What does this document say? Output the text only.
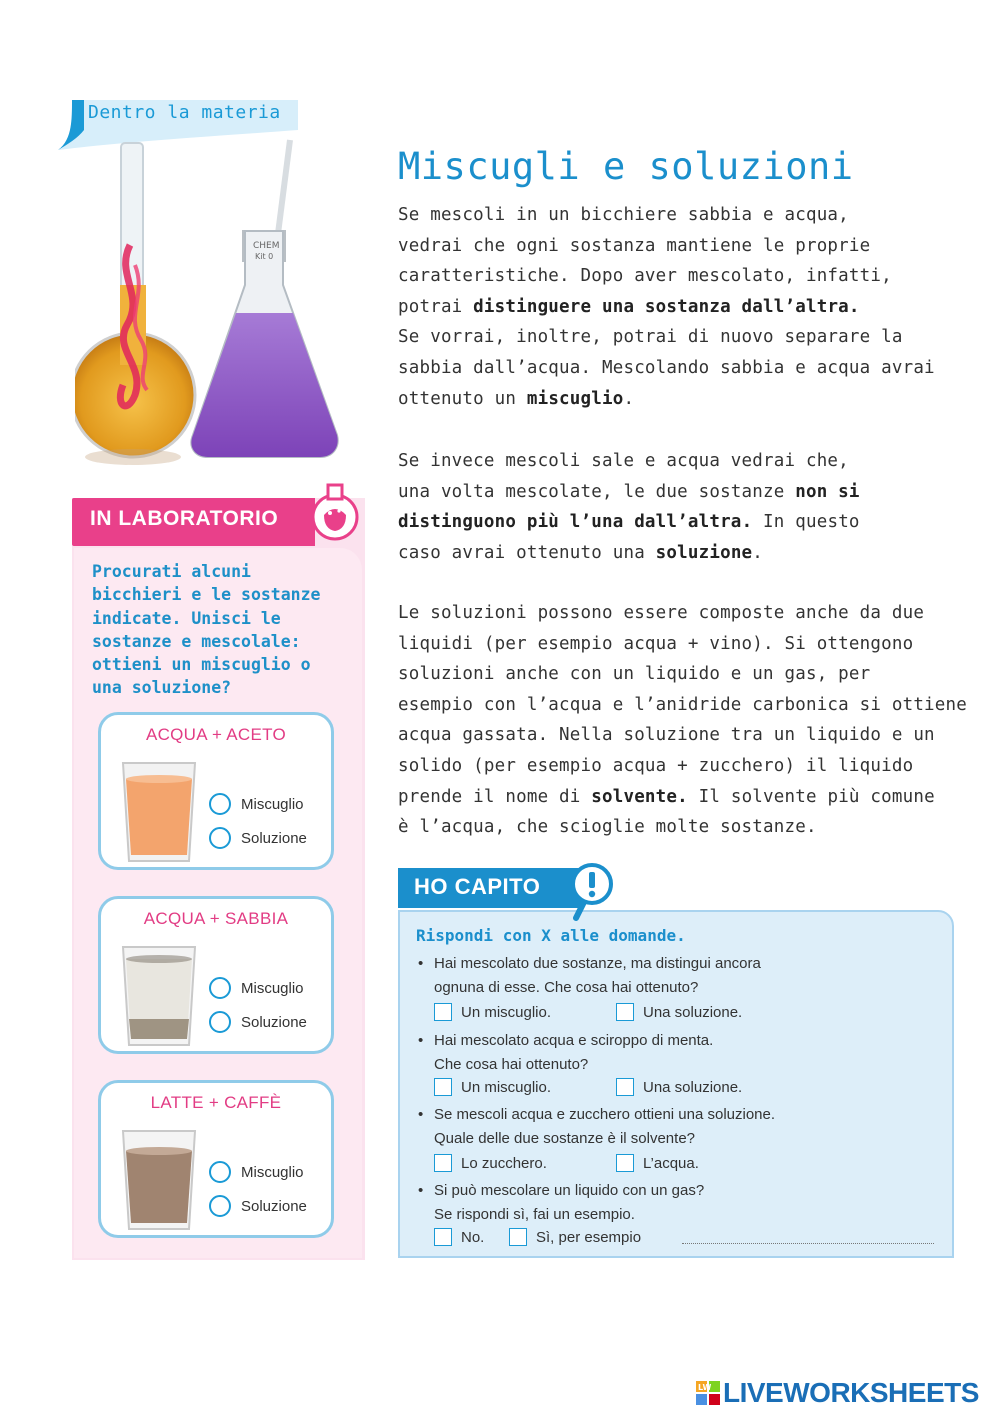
Dentro la materia
CHEM
Kit 0
Miscugli e soluzioni
Se mescoli in un bicchiere sabbia e acqua,
vedrai che ogni sostanza mantiene le proprie
caratteristiche. Dopo aver mescolato, infatti,
potrai distinguere una sostanza dall’altra.
Se vorrai, inoltre, potrai di nuovo separare la
sabbia dall’acqua. Mescolando sabbia e acqua avrai
ottenuto un miscuglio.
Se invece mescoli sale e acqua vedrai che,
una volta mescolate, le due sostanze non si
distinguono più l’una dall’altra. In questo
caso avrai ottenuto una soluzione.
Le soluzioni possono essere composte anche da due
liquidi (per esempio acqua + vino). Si ottengono
soluzioni anche con un liquido e un gas, per
esempio con l’acqua e l’anidride carbonica si ottiene
acqua gassata. Nella soluzione tra un liquido e un
solido (per esempio acqua + zucchero) il liquido
prende il nome di solvente. Il solvente più comune
è l’acqua, che scioglie molte sostanze.
IN LABORATORIO
Procurati alcuni
bicchieri e le sostanze
indicate. Unisci le
sostanze e mescolale:
ottieni un miscuglio o
una soluzione?
ACQUA + ACETO
Miscuglio
Soluzione
ACQUA + SABBIA
Miscuglio
Soluzione
LATTE + CAFFÈ
Miscuglio
Soluzione
HO CAPITO
Rispondi con X alle domande.
• Hai mescolato due sostanze, ma distingui ancora
ognuna di esse. Che cosa hai ottenuto?
Un miscuglio.	Una soluzione.
• Hai mescolato acqua e sciroppo di menta.
Che cosa hai ottenuto?
Un miscuglio.	Una soluzione.
• Se mescoli acqua e zucchero ottieni una soluzione.
Quale delle due sostanze è il solvente?
Lo zucchero.	L’acqua.
• Si può mescolare un liquido con un gas?
Se rispondi sì, fai un esempio.
No.	Sì, per esempio
LW LIVEWORKSHEETS
